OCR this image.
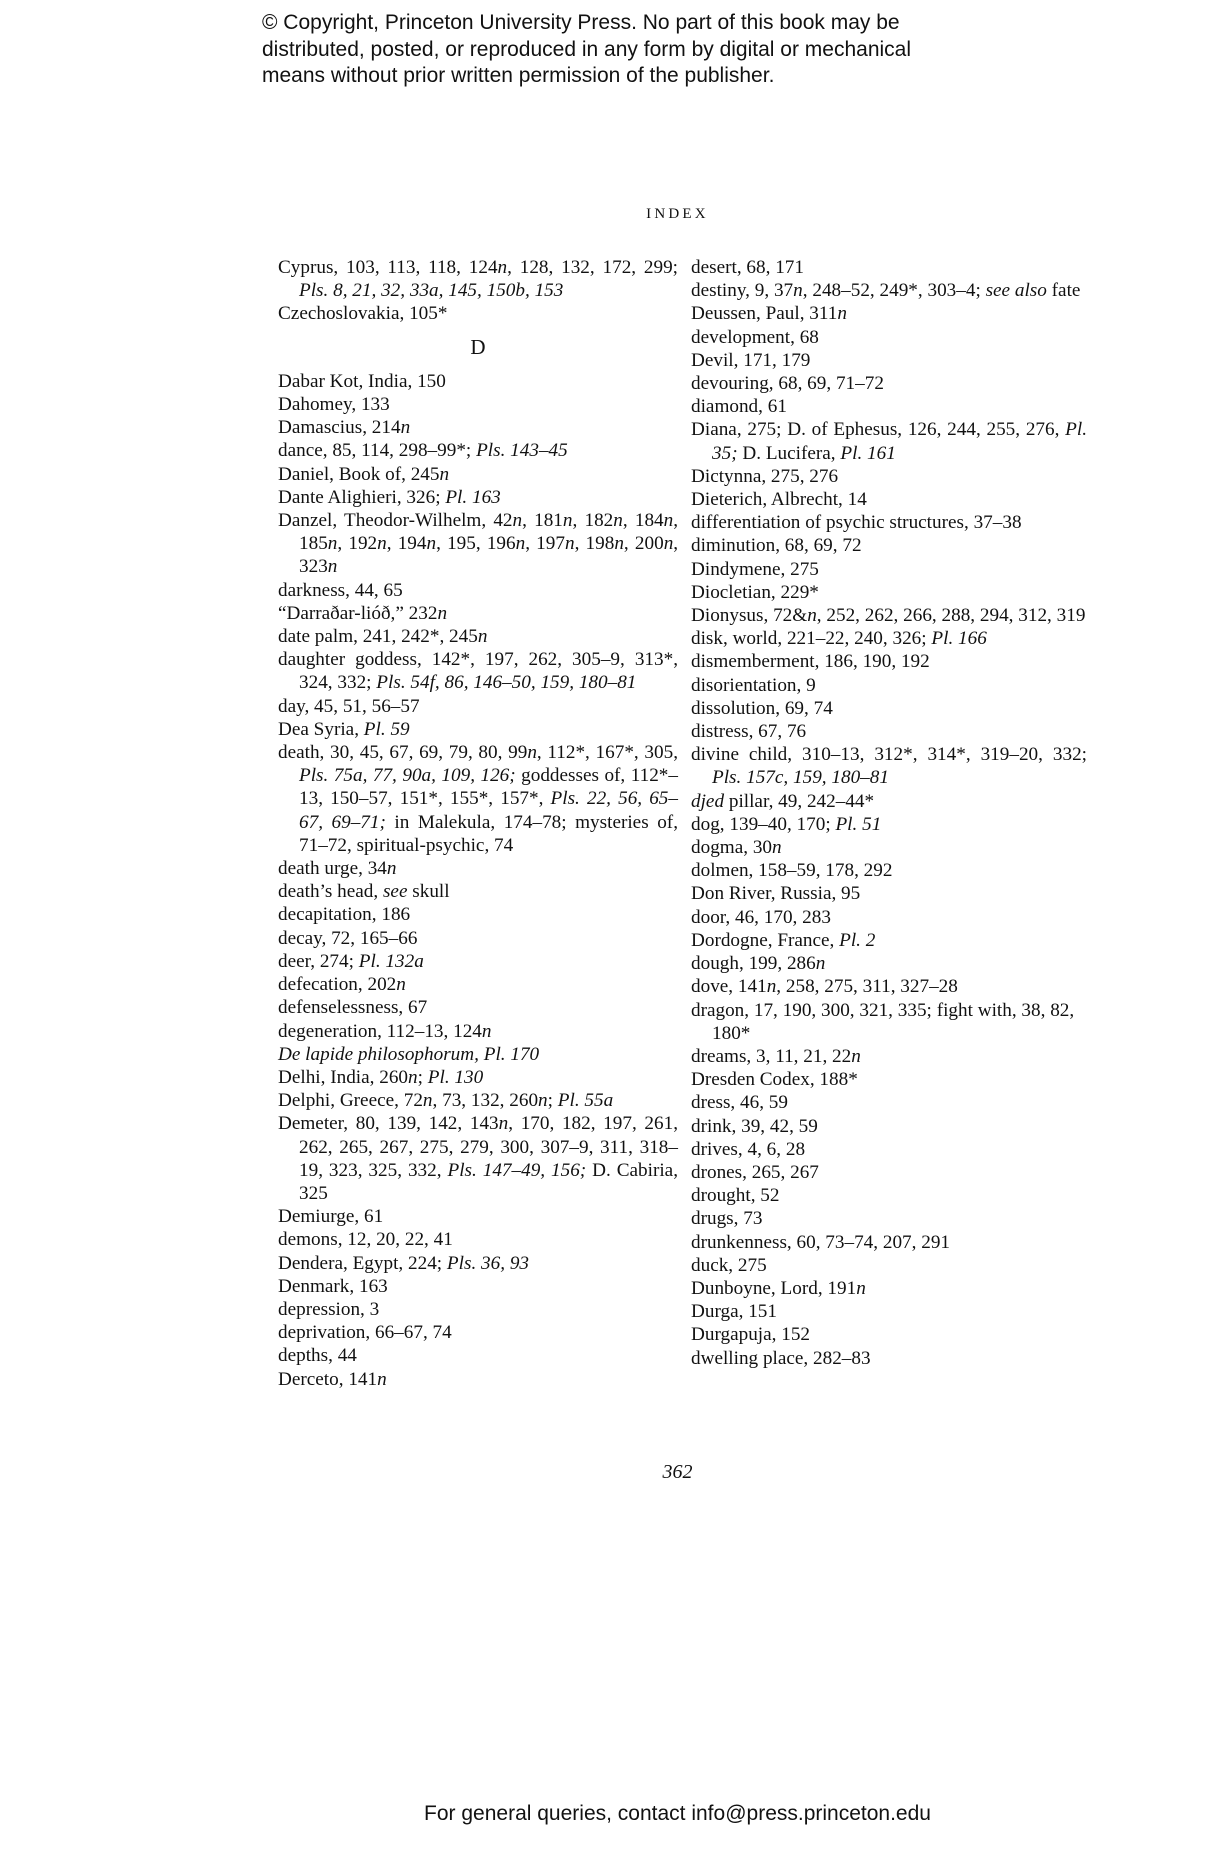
© Copyright, Princeton University Press. No part of this book may be
distributed, posted, or reproduced in any form by digital or mechanical
means without prior written permission of the publisher.
INDEX
Cyprus, 103, 113, 118, 124n, 128, 132, 172, 299; Pls. 8, 21, 32, 33a, 145, 150b, 153
Czechoslovakia, 105*
D
Dabar Kot, India, 150
Dahomey, 133
Damascius, 214n
dance, 85, 114, 298–99*; Pls. 143–45
Daniel, Book of, 245n
Dante Alighieri, 326; Pl. 163
Danzel, Theodor-Wilhelm, 42n, 181n, 182n, 184n, 185n, 192n, 194n, 195, 196n, 197n, 198n, 200n, 323n
darkness, 44, 65
“Darraðar-lióð,” 232n
date palm, 241, 242*, 245n
daughter goddess, 142*, 197, 262, 305–9, 313*, 324, 332; Pls. 54f, 86, 146–50, 159, 180–81
day, 45, 51, 56–57
Dea Syria, Pl. 59
death, 30, 45, 67, 69, 79, 80, 99n, 112*, 167*, 305, Pls. 75a, 77, 90a, 109, 126; goddesses of, 112*–13, 150–57, 151*, 155*, 157*, Pls. 22, 56, 65–67, 69–71; in Malekula, 174–78; mysteries of, 71–72, spiritual-psychic, 74
death urge, 34n
death’s head, see skull
decapitation, 186
decay, 72, 165–66
deer, 274; Pl. 132a
defecation, 202n
defenselessness, 67
degeneration, 112–13, 124n
De lapide philosophorum, Pl. 170
Delhi, India, 260n; Pl. 130
Delphi, Greece, 72n, 73, 132, 260n; Pl. 55a
Demeter, 80, 139, 142, 143n, 170, 182, 197, 261, 262, 265, 267, 275, 279, 300, 307–9, 311, 318–19, 323, 325, 332, Pls. 147–49, 156; D. Cabiria, 325
Demiurge, 61
demons, 12, 20, 22, 41
Dendera, Egypt, 224; Pls. 36, 93
Denmark, 163
depression, 3
deprivation, 66–67, 74
depths, 44
Derceto, 141n
desert, 68, 171
destiny, 9, 37n, 248–52, 249*, 303–4; see also fate
Deussen, Paul, 311n
development, 68
Devil, 171, 179
devouring, 68, 69, 71–72
diamond, 61
Diana, 275; D. of Ephesus, 126, 244, 255, 276, Pl. 35; D. Lucifera, Pl. 161
Dictynna, 275, 276
Dieterich, Albrecht, 14
differentiation of psychic structures, 37–38
diminution, 68, 69, 72
Dindymene, 275
Diocletian, 229*
Dionysus, 72&n, 252, 262, 266, 288, 294, 312, 319
disk, world, 221–22, 240, 326; Pl. 166
dismemberment, 186, 190, 192
disorientation, 9
dissolution, 69, 74
distress, 67, 76
divine child, 310–13, 312*, 314*, 319–20, 332; Pls. 157c, 159, 180–81
djed pillar, 49, 242–44*
dog, 139–40, 170; Pl. 51
dogma, 30n
dolmen, 158–59, 178, 292
Don River, Russia, 95
door, 46, 170, 283
Dordogne, France, Pl. 2
dough, 199, 286n
dove, 141n, 258, 275, 311, 327–28
dragon, 17, 190, 300, 321, 335; fight with, 38, 82, 180*
dreams, 3, 11, 21, 22n
Dresden Codex, 188*
dress, 46, 59
drink, 39, 42, 59
drives, 4, 6, 28
drones, 265, 267
drought, 52
drugs, 73
drunkenness, 60, 73–74, 207, 291
duck, 275
Dunboyne, Lord, 191n
Durga, 151
Durgapuja, 152
dwelling place, 282–83
362
For general queries, contact info@press.princeton.edu
